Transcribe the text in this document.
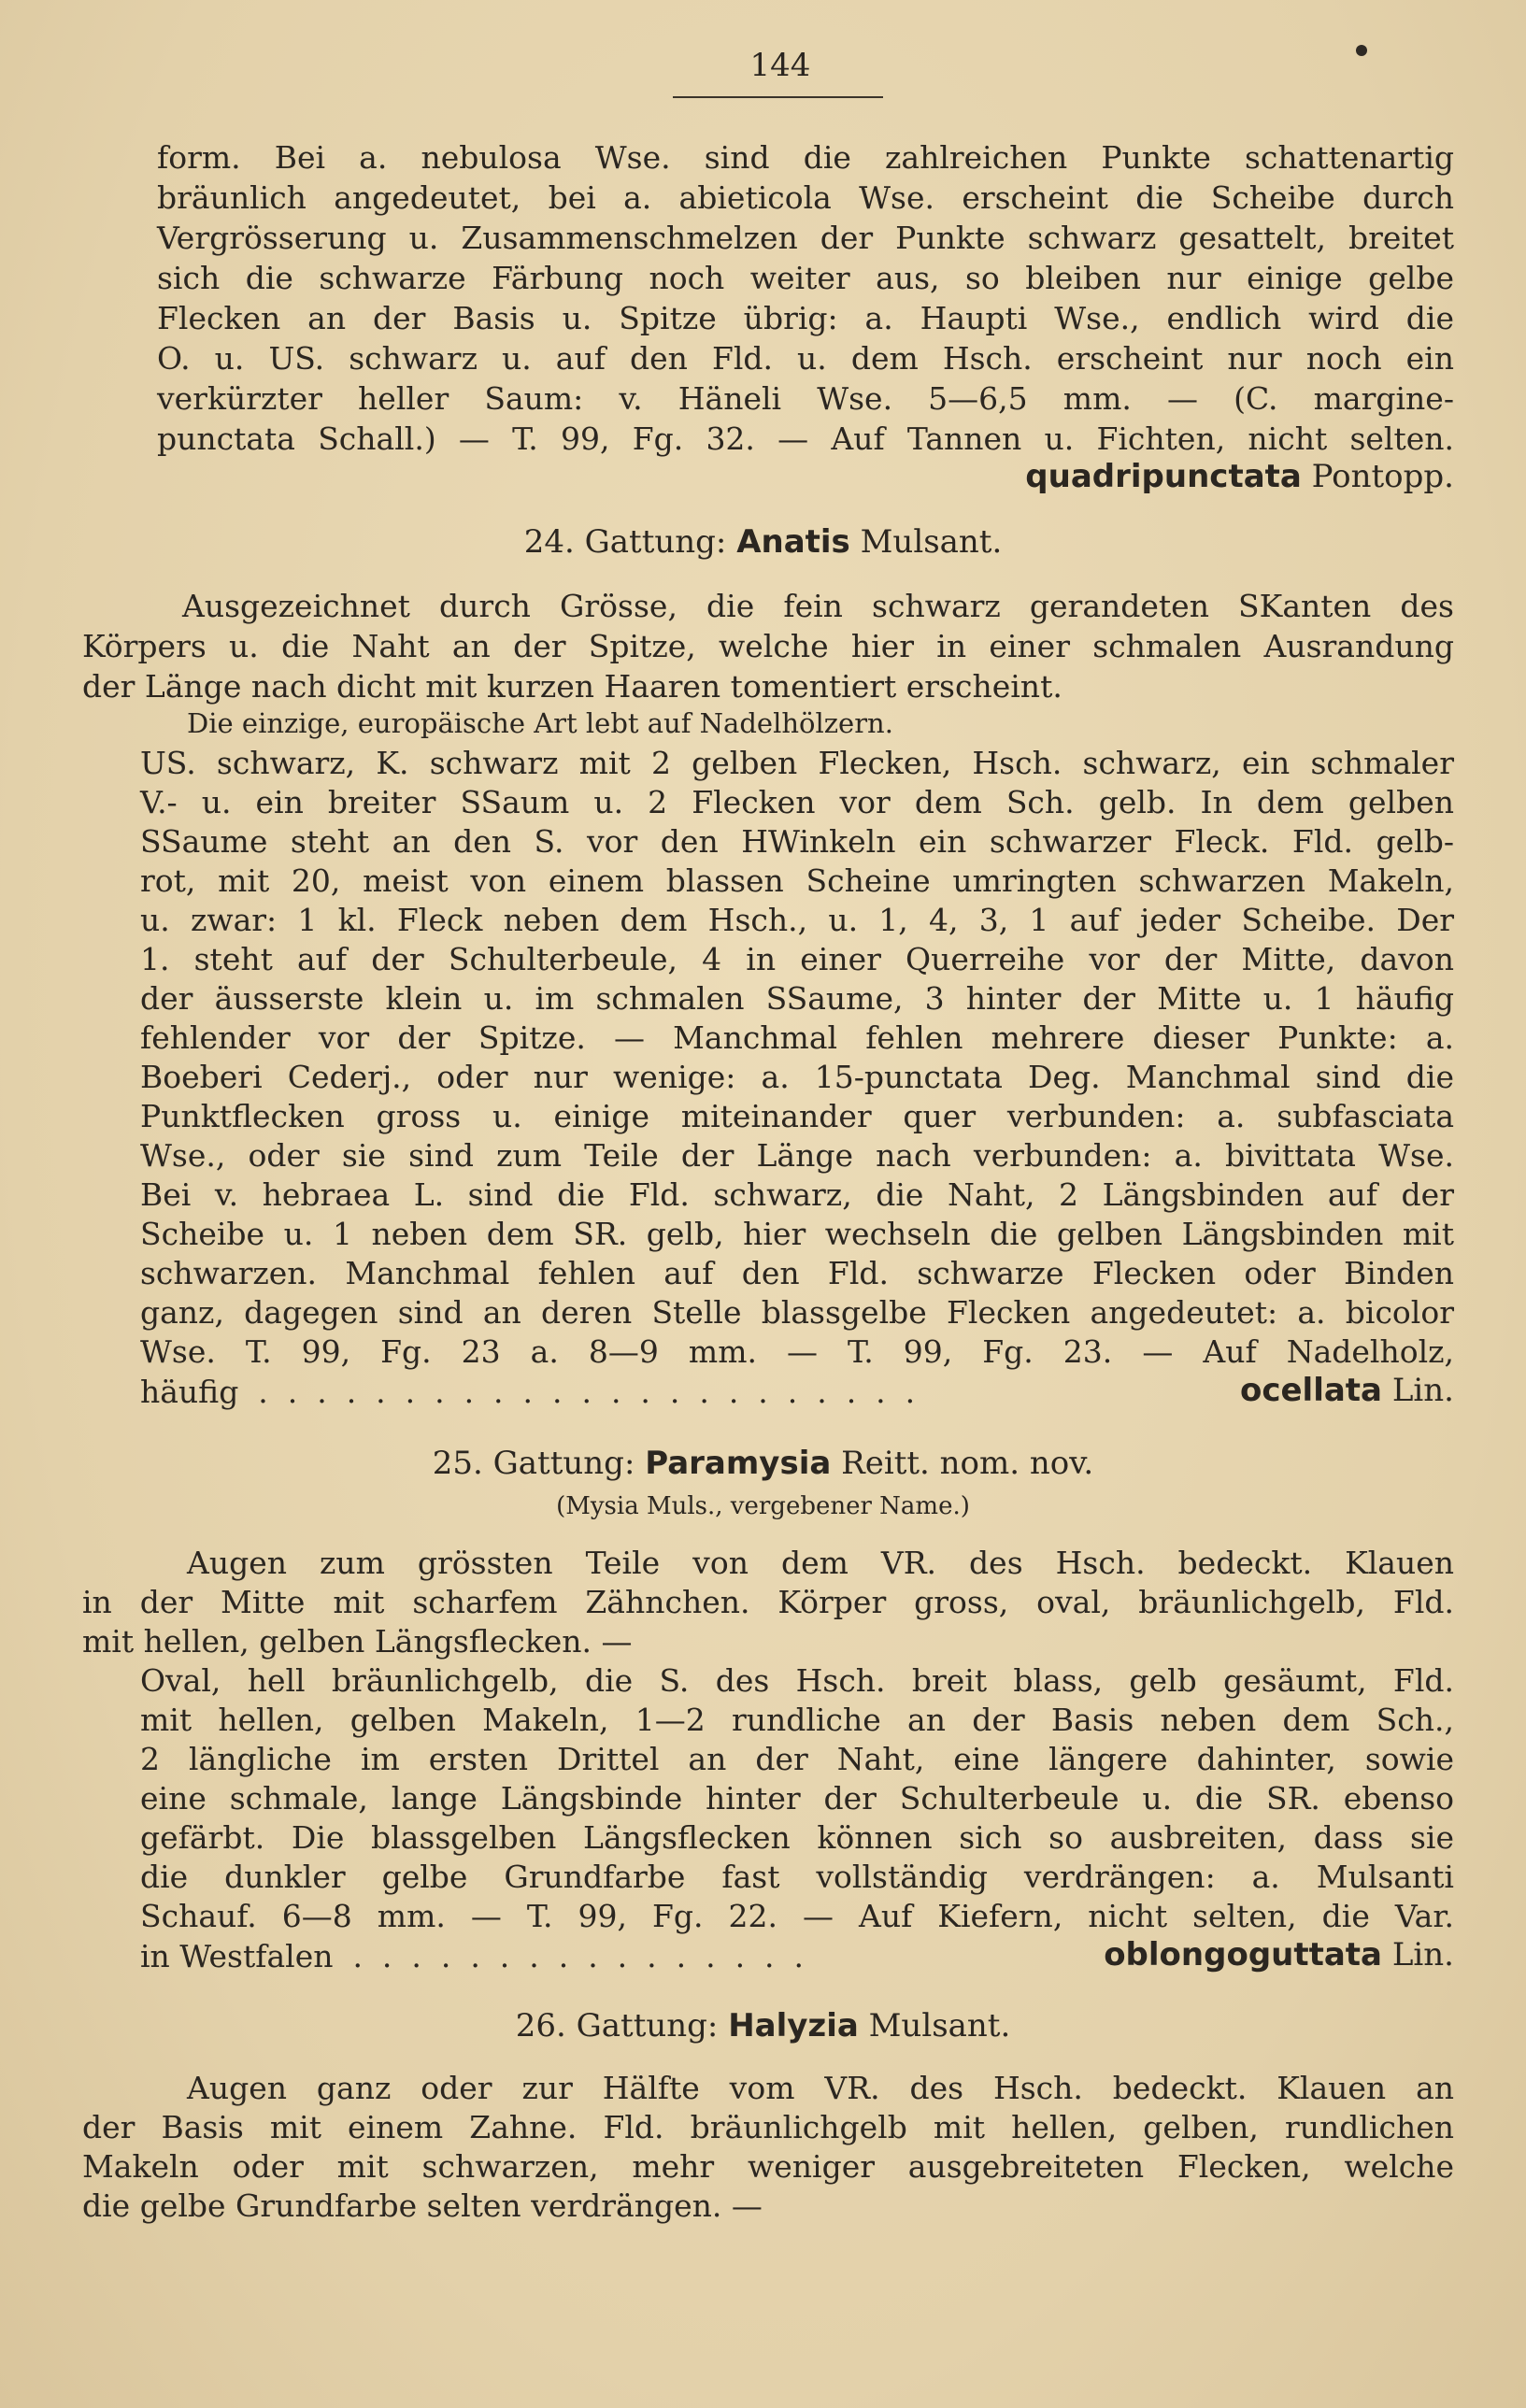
144
form. Bei a. nebulosa Wse. sind die zahlreichen Punkte schattenartig
bräunlich angedeutet, bei a. abieticola Wse. erscheint die Scheibe durch
Vergrösserung u. Zusammenschmelzen der Punkte schwarz gesattelt, breitet
sich die schwarze Färbung noch weiter aus, so bleiben nur einige gelbe
Flecken an der Basis u. Spitze übrig: a. Haupti Wse., endlich wird die
O. u. US. schwarz u. auf den Fld. u. dem Hsch. erscheint nur noch ein
verkürzter heller Saum: v. Häneli Wse. 5—6,5 mm. — (C. margine-
punctata Schall.) — T. 99, Fg. 32. — Auf Tannen u. Fichten, nicht selten.
quadripunctata Pontopp.
24. Gattung: Anatis Mulsant.
Ausgezeichnet durch Grösse, die fein schwarz gerandeten SKanten des
Körpers u. die Naht an der Spitze, welche hier in einer schmalen Ausrandung
der Länge nach dicht mit kurzen Haaren tomentiert erscheint.
Die einzige, europäische Art lebt auf Nadelhölzern.
US. schwarz, K. schwarz mit 2 gelben Flecken, Hsch. schwarz, ein schmaler
V.- u. ein breiter SSaum u. 2 Flecken vor dem Sch. gelb. In dem gelben
SSaume steht an den S. vor den HWinkeln ein schwarzer Fleck. Fld. gelb-
rot, mit 20, meist von einem blassen Scheine umringten schwarzen Makeln,
u. zwar: 1 kl. Fleck neben dem Hsch., u. 1, 4, 3, 1 auf jeder Scheibe. Der
1. steht auf der Schulterbeule, 4 in einer Querreihe vor der Mitte, davon
der äusserste klein u. im schmalen SSaume, 3 hinter der Mitte u. 1 häufig
fehlender vor der Spitze. — Manchmal fehlen mehrere dieser Punkte: a.
Boeberi Cederj., oder nur wenige: a. 15-punctata Deg. Manchmal sind die
Punktflecken gross u. einige miteinander quer verbunden: a. subfasciata
Wse., oder sie sind zum Teile der Länge nach verbunden: a. bivittata Wse.
Bei v. hebraea L. sind die Fld. schwarz, die Naht, 2 Längsbinden auf der
Scheibe u. 1 neben dem SR. gelb, hier wechseln die gelben Längsbinden mit
schwarzen. Manchmal fehlen auf den Fld. schwarze Flecken oder Binden
ganz, dagegen sind an deren Stelle blassgelbe Flecken angedeutet: a. bicolor
Wse. T. 99, Fg. 23 a. 8—9 mm. — T. 99, Fg. 23. — Auf Nadelholz,
häufig  .  .  .  .  .  .  .  .  .  .  .  .  .  .  .  .  .  .  .  .  .  .  .	ocellata Lin.
25. Gattung: Paramysia Reitt. nom. nov.
(Mysia Muls., vergebener Name.)
Augen zum grössten Teile von dem VR. des Hsch. bedeckt. Klauen
in der Mitte mit scharfem Zähnchen. Körper gross, oval, bräunlichgelb, Fld.
mit hellen, gelben Längsflecken. —
Oval, hell bräunlichgelb, die S. des Hsch. breit blass, gelb gesäumt, Fld.
mit hellen, gelben Makeln, 1—2 rundliche an der Basis neben dem Sch.,
2 längliche im ersten Drittel an der Naht, eine längere dahinter, sowie
eine schmale, lange Längsbinde hinter der Schulterbeule u. die SR. ebenso
gefärbt. Die blassgelben Längsflecken können sich so ausbreiten, dass sie
die dunkler gelbe Grundfarbe fast vollständig verdrängen: a. Mulsanti
Schauf. 6—8 mm. — T. 99, Fg. 22. — Auf Kiefern, nicht selten, die Var.
in Westfalen  .  .  .  .  .  .  .  .  .  .  .  .  .  .  .  .	oblongoguttata Lin.
26. Gattung: Halyzia Mulsant.
Augen ganz oder zur Hälfte vom VR. des Hsch. bedeckt. Klauen an
der Basis mit einem Zahne. Fld. bräunlichgelb mit hellen, gelben, rundlichen
Makeln oder mit schwarzen, mehr weniger ausgebreiteten Flecken, welche
die gelbe Grundfarbe selten verdrängen. —
